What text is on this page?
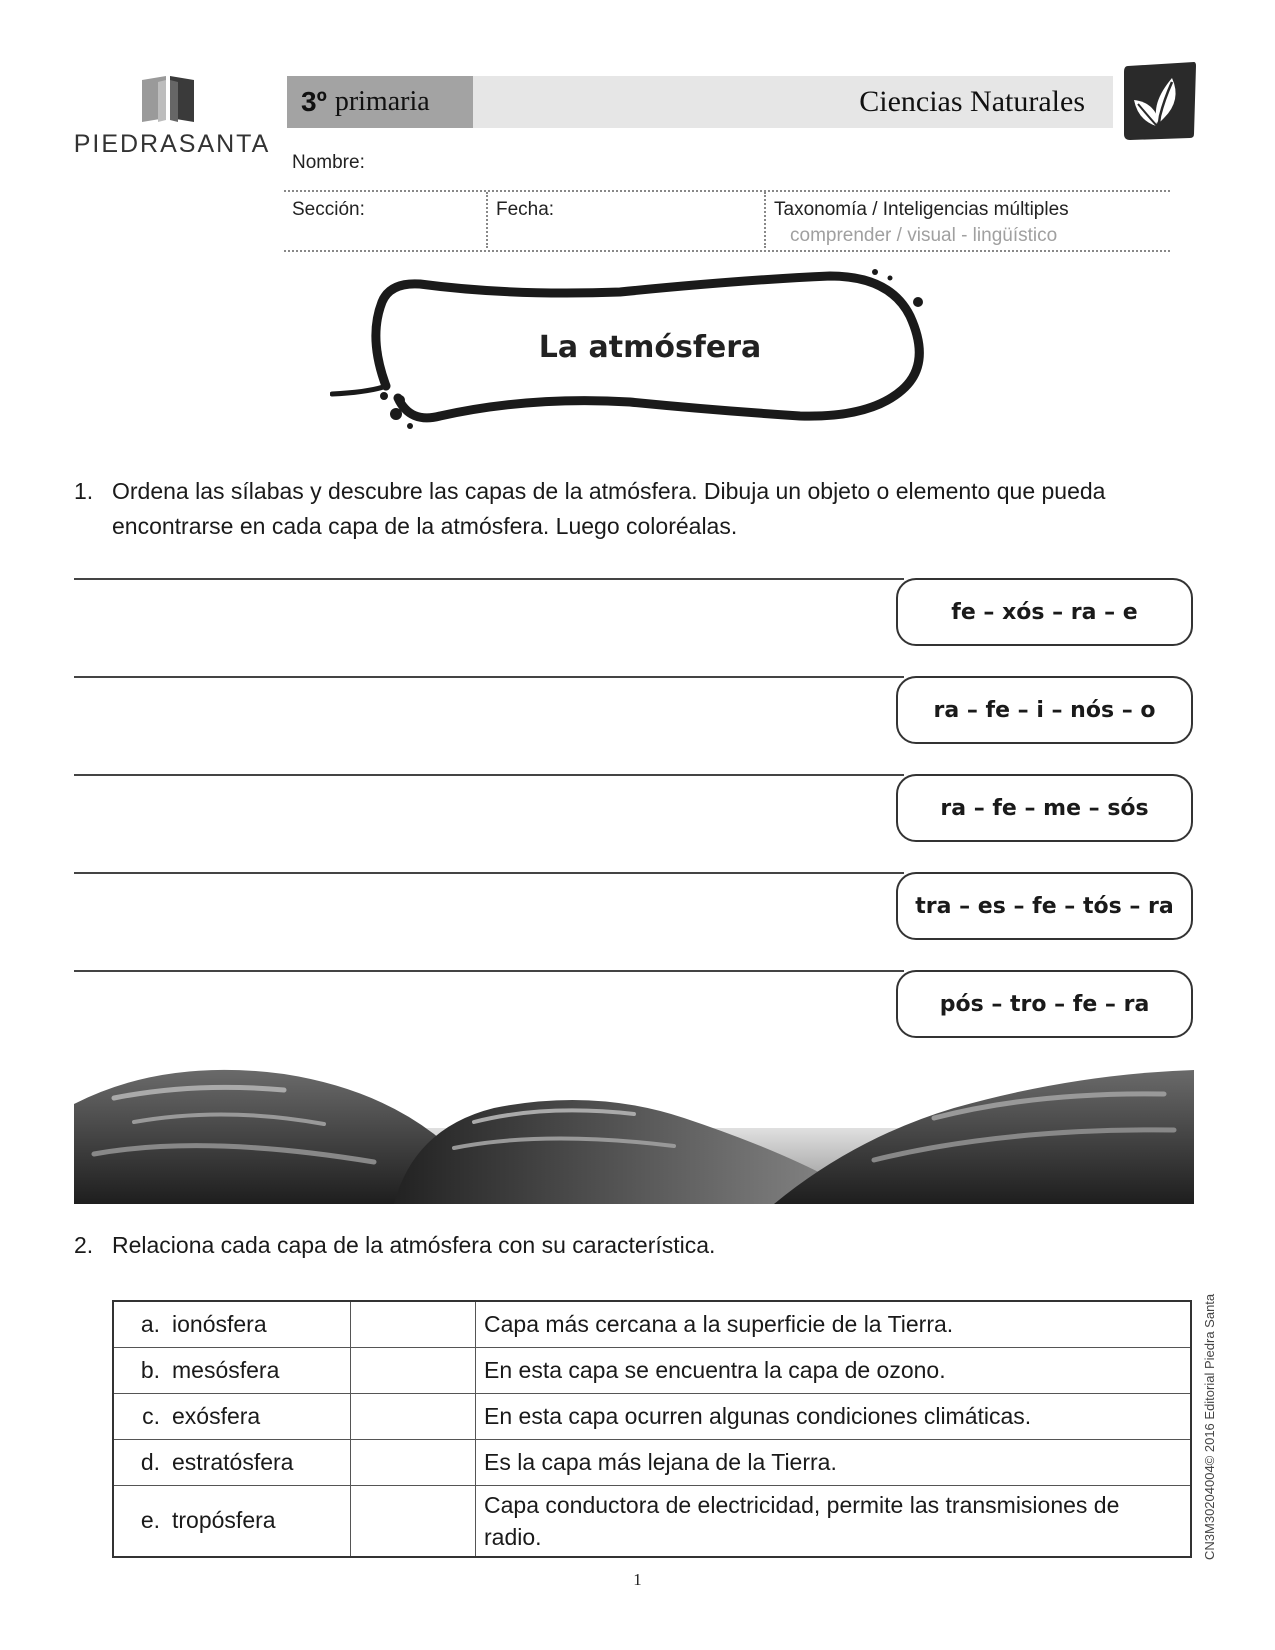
PIEDRASANTA
3º primaria	Ciencias Naturales
Nombre:
Sección:	Fecha:	Taxonomía / Inteligencias múltiples
comprender / visual - lingüístico
La atmósfera
1. Ordena las sílabas y descubre las capas de la atmósfera. Dibuja un objeto o elemento que pueda
encontrarse en cada capa de la atmósfera. Luego coloréalas.
fe – xós – ra – e
ra – fe – i – nós – o
ra – fe – me – sós
tra – es – fe – tós – ra
pós – tro – fe – ra
2. Relaciona cada capa de la atmósfera con su característica.
a.	ionósfera		Capa más cercana a la superficie de la Tierra.
b.	mesósfera		En esta capa se encuentra la capa de ozono.
c.	exósfera		En esta capa ocurren algunas condiciones climáticas.
d.	estratósfera		Es la capa más lejana de la Tierra.
e.	tropósfera		Capa conductora de electricidad, permite las transmisiones de radio.
1
CN3M30204004© 2016 Editorial Piedra Santa
